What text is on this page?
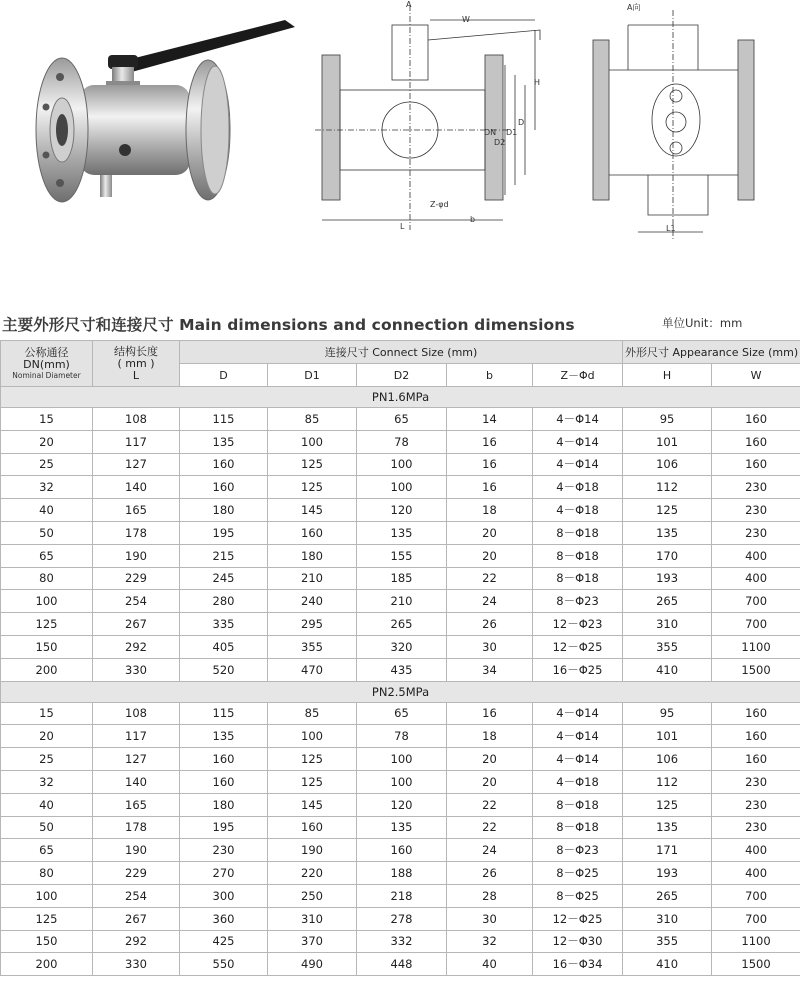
A
W
H
DN
D2
D1
D
Z-φd
b
L
A向
L1
主要外形尺寸和连接尺寸 Main dimensions and connection dimensions	单位Unit：mm
公称通径
DN(mm)
Nominal Diameter	结构长度
( mm )
L	连接尺寸 Connect Size (mm)					外形尺寸 Appearance Size (mm)	
		D	D1	D2	b	Z－Φd	H	W
PN1.6MPa								
15	108	115	85	65	14	4－Φ14	95	160
20	117	135	100	78	16	4－Φ14	101	160
25	127	160	125	100	16	4－Φ14	106	160
32	140	160	125	100	16	4－Φ18	112	230
40	165	180	145	120	18	4－Φ18	125	230
50	178	195	160	135	20	8－Φ18	135	230
65	190	215	180	155	20	8－Φ18	170	400
80	229	245	210	185	22	8－Φ18	193	400
100	254	280	240	210	24	8－Φ23	265	700
125	267	335	295	265	26	12－Φ23	310	700
150	292	405	355	320	30	12－Φ25	355	1100
200	330	520	470	435	34	16－Φ25	410	1500
PN2.5MPa								
15	108	115	85	65	16	4－Φ14	95	160
20	117	135	100	78	18	4－Φ14	101	160
25	127	160	125	100	20	4－Φ14	106	160
32	140	160	125	100	20	4－Φ18	112	230
40	165	180	145	120	22	8－Φ18	125	230
50	178	195	160	135	22	8－Φ18	135	230
65	190	230	190	160	24	8－Φ23	171	400
80	229	270	220	188	26	8－Φ25	193	400
100	254	300	250	218	28	8－Φ25	265	700
125	267	360	310	278	30	12－Φ25	310	700
150	292	425	370	332	32	12－Φ30	355	1100
200	330	550	490	448	40	16－Φ34	410	1500
